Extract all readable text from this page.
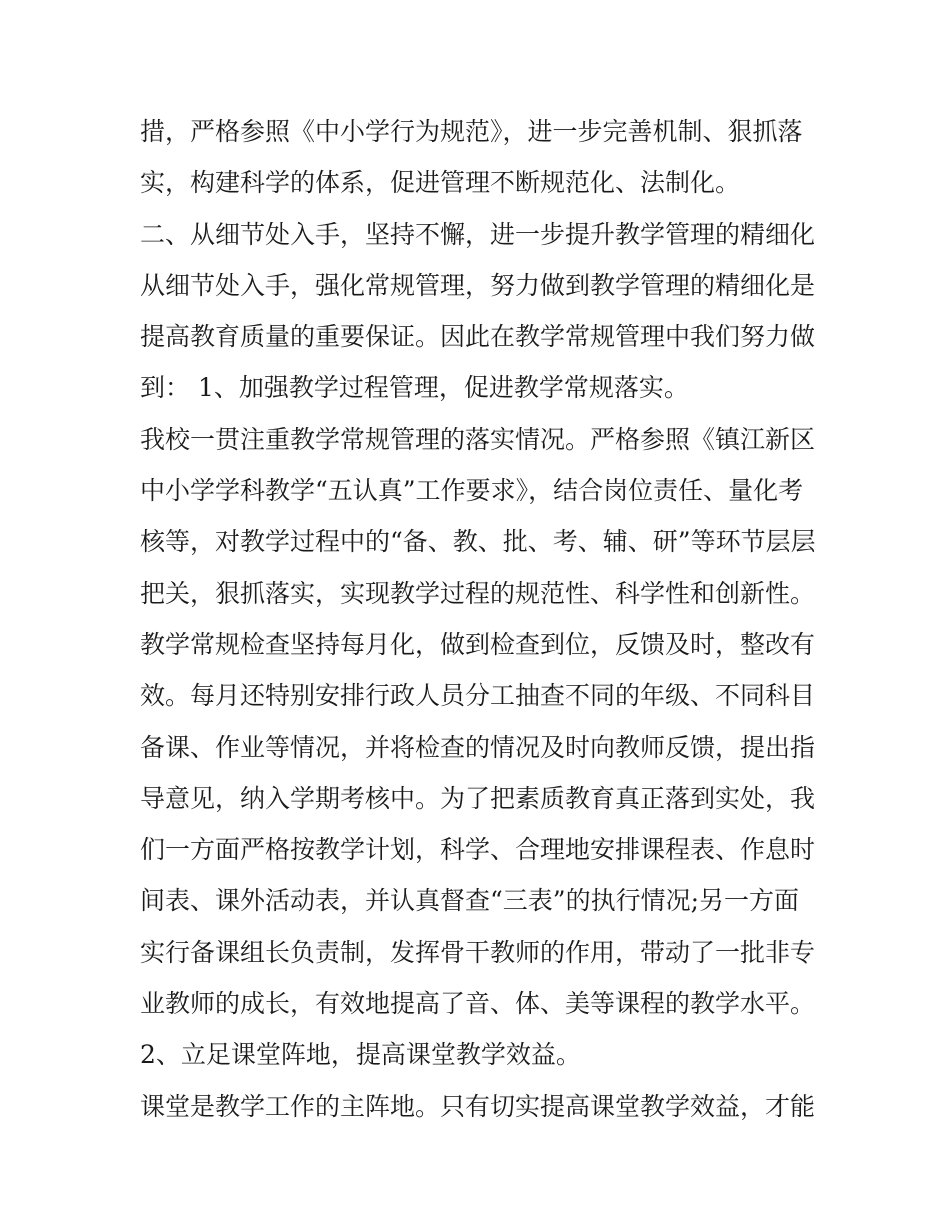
措，严格参照《中小学行为规范》，进一步完善机制、狠抓落

实，构建科学的体系，促进管理不断规范化、法制化。

二、从细节处入手，坚持不懈，进一步提升教学管理的精细化

从细节处入手，强化常规管理，努力做到教学管理的精细化是

提高教育质量的重要保证。因此在教学常规管理中我们努力做

到： 1、加强教学过程管理，促进教学常规落实。

我校一贯注重教学常规管理的落实情况。严格参照《镇江新区

中小学学科教学“五认真”工作要求》，结合岗位责任、量化考

核等，对教学过程中的“备、教、批、考、辅、研”等环节层层

把关，狠抓落实，实现教学过程的规范性、科学性和创新性。

教学常规检查坚持每月化，做到检查到位，反馈及时，整改有

效。每月还特别安排行政人员分工抽查不同的年级、不同科目

备课、作业等情况，并将检查的情况及时向教师反馈，提出指

导意见，纳入学期考核中。为了把素质教育真正落到实处，我

们一方面严格按教学计划，科学、合理地安排课程表、作息时

间表、课外活动表，并认真督查“三表”的执行情况;另一方面

实行备课组长负责制，发挥骨干教师的作用，带动了一批非专

业教师的成长，有效地提高了音、体、美等课程的教学水平。

2、立足课堂阵地，提高课堂教学效益。

课堂是教学工作的主阵地。只有切实提高课堂教学效益，才能
